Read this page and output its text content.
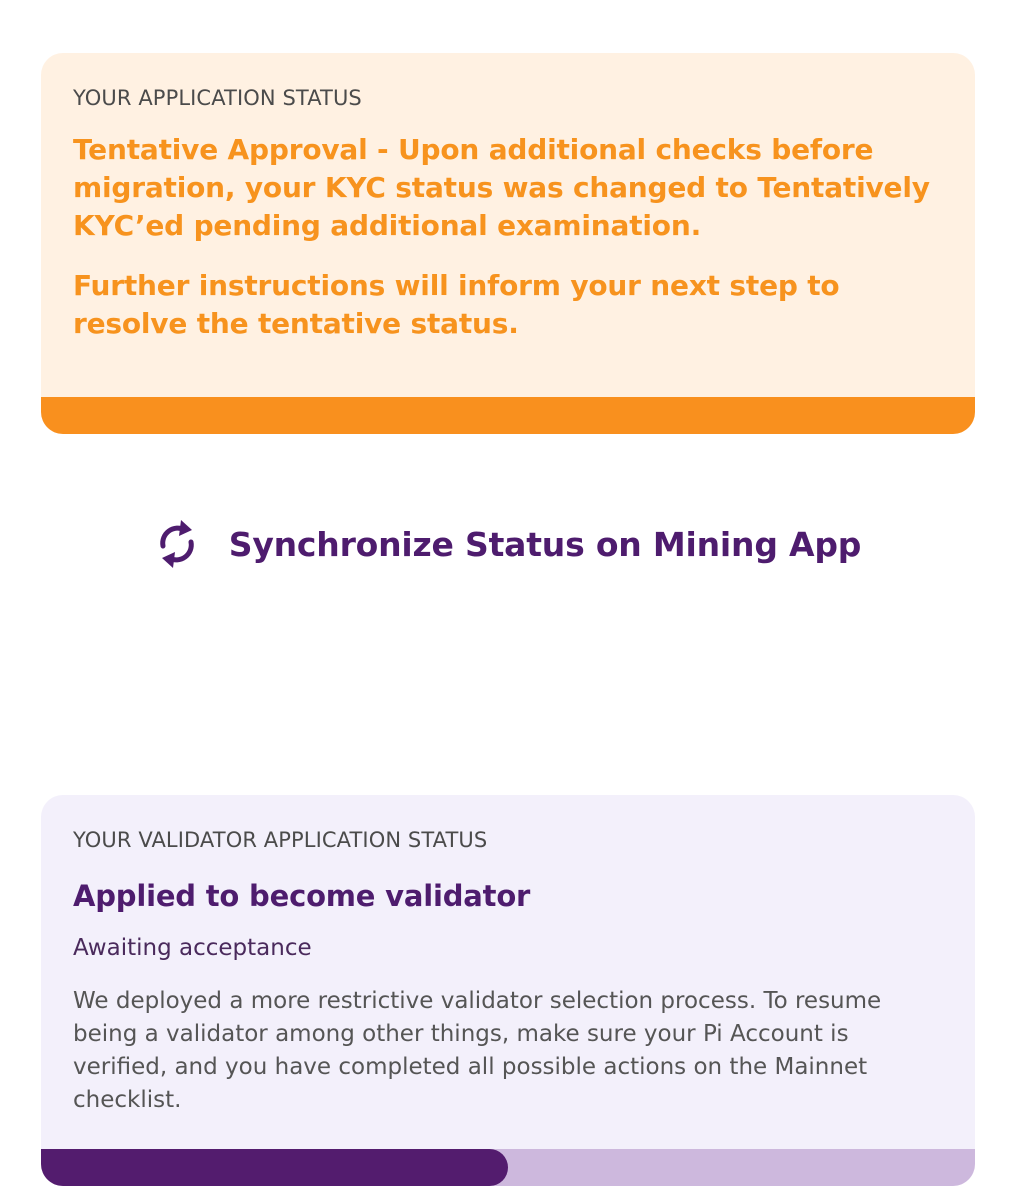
YOUR APPLICATION STATUS

Tentative Approval - Upon additional checks before migration, your KYC status was changed to Tentatively KYC’ed pending additional examination.

Further instructions will inform your next step to resolve the tentative status.

Synchronize Status on Mining App

YOUR VALIDATOR APPLICATION STATUS

Applied to become validator

Awaiting acceptance

We deployed a more restrictive validator selection process. To resume being a validator among other things, make sure your Pi Account is verified, and you have completed all possible actions on the Mainnet checklist.
